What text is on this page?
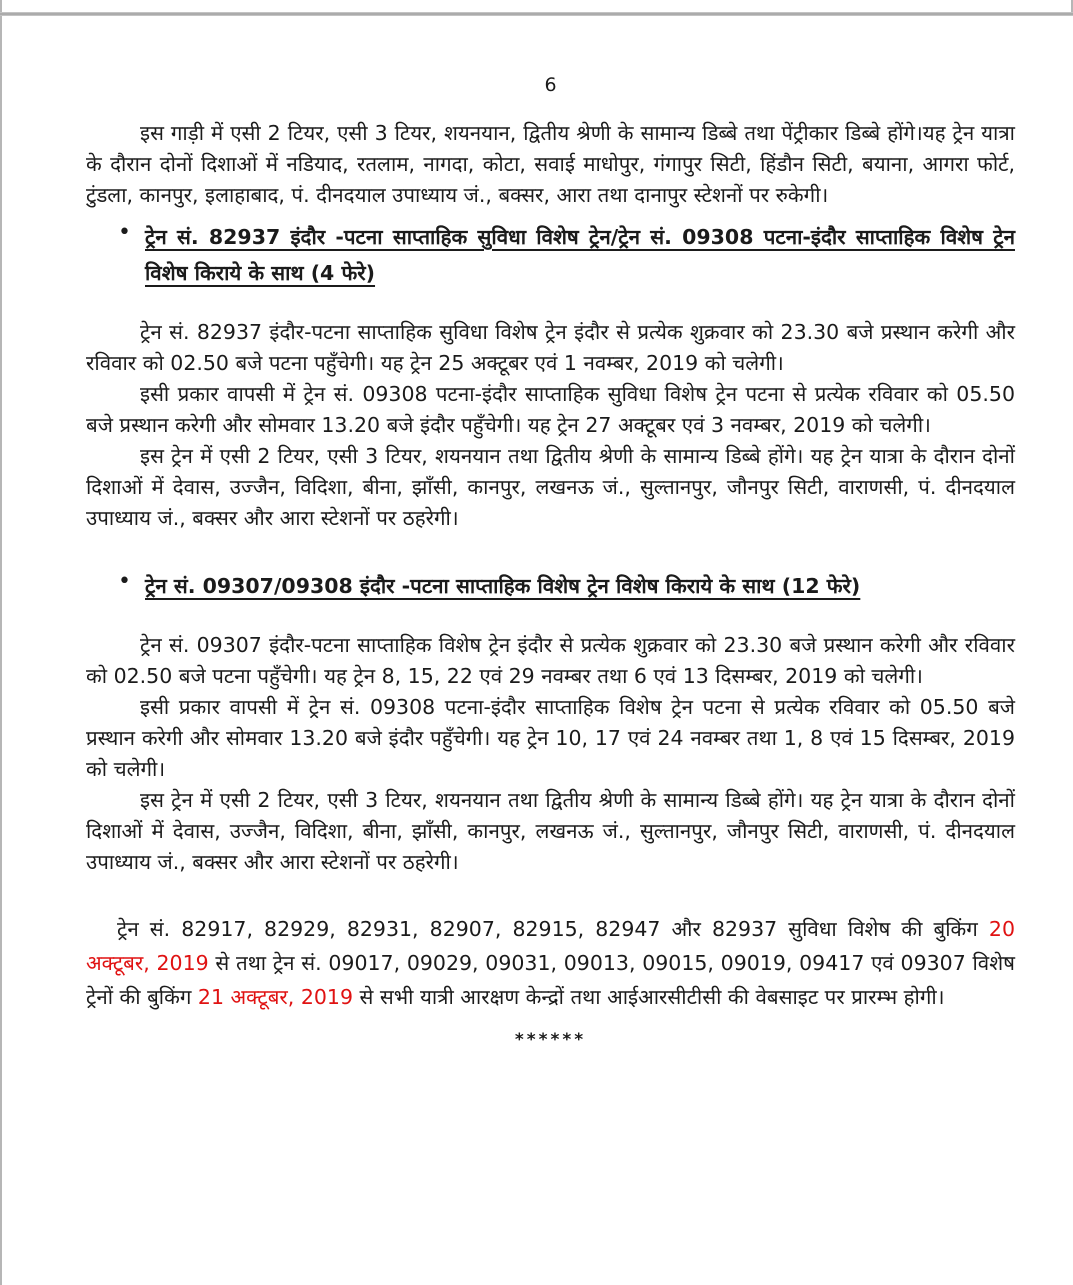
6

इस गाड़ी में एसी 2 टियर, एसी 3 टियर, शयनयान, द्वितीय श्रेणी के सामान्य डिब्बे तथा पेंट्रीकार डिब्बे होंगे।यह ट्रेन यात्रा के दौरान दोनों दिशाओं में नडियाद, रतलाम, नागदा, कोटा, सवाई माधोपुर, गंगापुर सिटी, हिंडौन सिटी, बयाना, आगरा फोर्ट, टुंडला, कानपुर, इलाहाबाद, पं. दीनदयाल उपाध्याय जं., बक्सर, आरा तथा दानापुर स्टेशनों पर रुकेगी।

• ट्रेन सं. 82937 इंदौर -पटना साप्ताहिक सुविधा विशेष ट्रेन/ट्रेन सं. 09308 पटना-इंदौर साप्ताहिक विशेष ट्रेन विशेष किराये के साथ (4 फेरे)

ट्रेन सं. 82937 इंदौर-पटना साप्ताहिक सुविधा विशेष ट्रेन इंदौर से प्रत्येक शुक्रवार को 23.30 बजे प्रस्थान करेगी और रविवार को 02.50 बजे पटना पहुँचेगी। यह ट्रेन 25 अक्टूबर एवं 1 नवम्बर, 2019 को चलेगी।

इसी प्रकार वापसी में ट्रेन सं. 09308 पटना-इंदौर साप्ताहिक सुविधा विशेष ट्रेन पटना से प्रत्येक रविवार को 05.50 बजे प्रस्थान करेगी और सोमवार 13.20 बजे इंदौर पहुँचेगी। यह ट्रेन 27 अक्टूबर एवं 3 नवम्बर, 2019 को चलेगी।

इस ट्रेन में एसी 2 टियर, एसी 3 टियर, शयनयान तथा द्वितीय श्रेणी के सामान्य डिब्बे होंगे। यह ट्रेन यात्रा के दौरान दोनों दिशाओं में देवास, उज्जैन, विदिशा, बीना, झाँसी, कानपुर, लखनऊ जं., सुल्तानपुर, जौनपुर सिटी, वाराणसी, पं. दीनदयाल उपाध्याय जं., बक्सर और आरा स्टेशनों पर ठहरेगी।

• ट्रेन सं. 09307/09308 इंदौर -पटना साप्ताहिक विशेष ट्रेन विशेष किराये के साथ (12 फेरे)

ट्रेन सं. 09307 इंदौर-पटना साप्ताहिक विशेष ट्रेन इंदौर से प्रत्येक शुक्रवार को 23.30 बजे प्रस्थान करेगी और रविवार को 02.50 बजे पटना पहुँचेगी। यह ट्रेन 8, 15, 22 एवं 29 नवम्बर तथा 6 एवं 13 दिसम्बर, 2019 को चलेगी।

इसी प्रकार वापसी में ट्रेन सं. 09308 पटना-इंदौर साप्ताहिक विशेष ट्रेन पटना से प्रत्येक रविवार को 05.50 बजे प्रस्थान करेगी और सोमवार 13.20 बजे इंदौर पहुँचेगी। यह ट्रेन 10, 17 एवं 24 नवम्बर तथा 1, 8 एवं 15 दिसम्बर, 2019 को चलेगी।

इस ट्रेन में एसी 2 टियर, एसी 3 टियर, शयनयान तथा द्वितीय श्रेणी के सामान्य डिब्बे होंगे। यह ट्रेन यात्रा के दौरान दोनों दिशाओं में देवास, उज्जैन, विदिशा, बीना, झाँसी, कानपुर, लखनऊ जं., सुल्तानपुर, जौनपुर सिटी, वाराणसी, पं. दीनदयाल उपाध्याय जं., बक्सर और आरा स्टेशनों पर ठहरेगी।

ट्रेन सं. 82917, 82929, 82931, 82907, 82915, 82947 और 82937 सुविधा विशेष की बुकिंग 20 अक्टूबर, 2019 से तथा ट्रेन सं. 09017, 09029, 09031, 09013, 09015, 09019, 09417 एवं 09307 विशेष ट्रेनों की बुकिंग 21 अक्टूबर, 2019 से सभी यात्री आरक्षण केन्द्रों तथा आईआरसीटीसी की वेबसाइट पर प्रारम्भ होगी।

******
